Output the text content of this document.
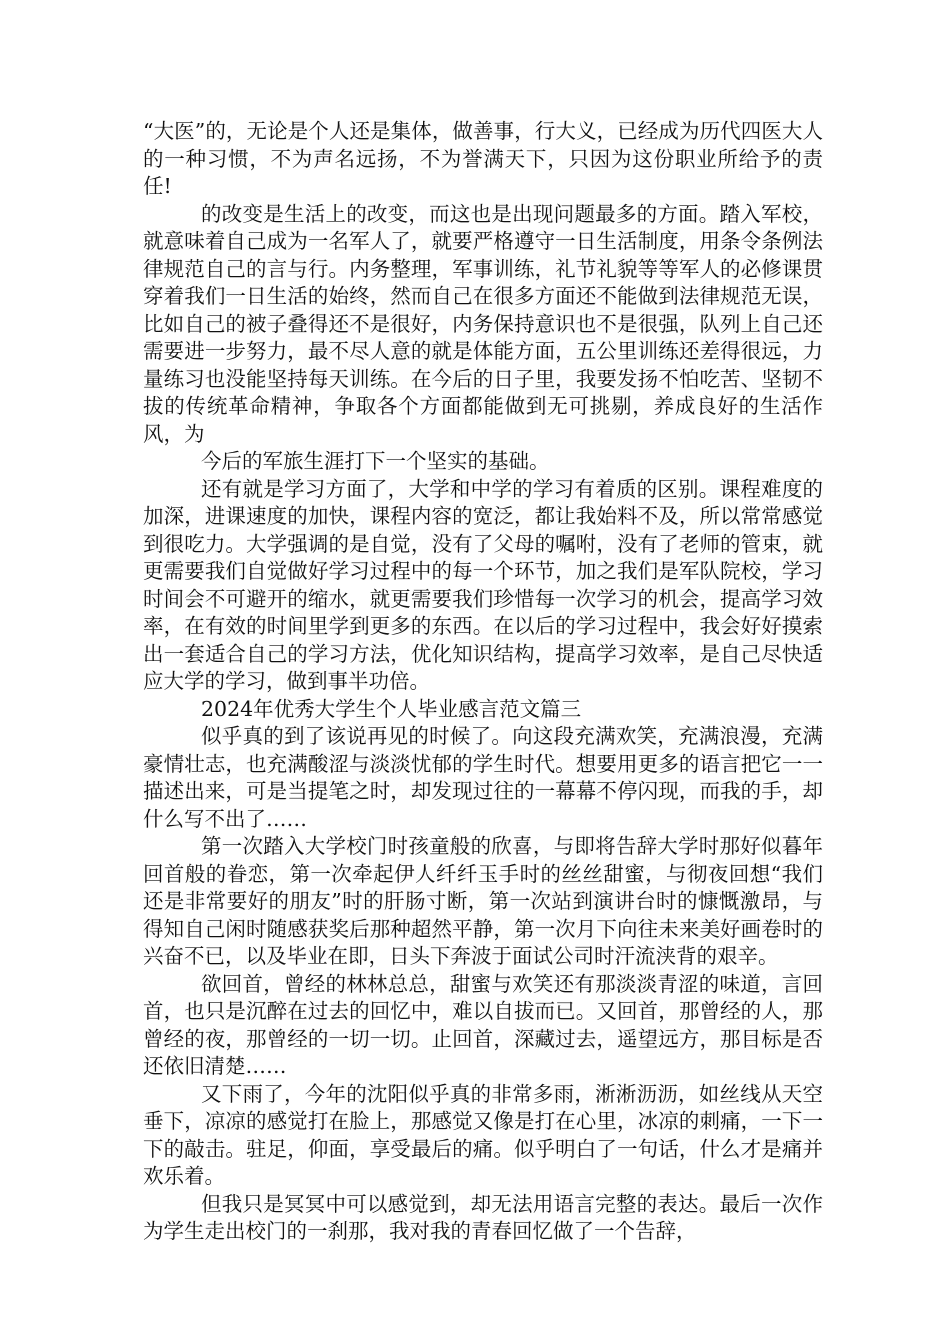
“大医”的，无论是个人还是集体，做善事，行大义，已经成为历代四医大人的一种习惯，不为声名远扬，不为誉满天下，只因为这份职业所给予的责任!

的改变是生活上的改变，而这也是出现问题最多的方面。踏入军校，就意味着自己成为一名军人了，就要严格遵守一日生活制度，用条令条例法律规范自己的言与行。内务整理，军事训练，礼节礼貌等等军人的必修课贯穿着我们一日生活的始终，然而自己在很多方面还不能做到法律规范无误，比如自己的被子叠得还不是很好，内务保持意识也不是很强，队列上自己还需要进一步努力，最不尽人意的就是体能方面，五公里训练还差得很远，力量练习也没能坚持每天训练。在今后的日子里，我要发扬不怕吃苦、坚韧不拔的传统革命精神，争取各个方面都能做到无可挑剔，养成良好的生活作风，为

今后的军旅生涯打下一个坚实的基础。

还有就是学习方面了，大学和中学的学习有着质的区别。课程难度的加深，进课速度的加快，课程内容的宽泛，都让我始料不及，所以常常感觉到很吃力。大学强调的是自觉，没有了父母的嘱咐，没有了老师的管束，就更需要我们自觉做好学习过程中的每一个环节，加之我们是军队院校，学习时间会不可避开的缩水，就更需要我们珍惜每一次学习的机会，提高学习效率，在有效的时间里学到更多的东西。在以后的学习过程中，我会好好摸索出一套适合自己的学习方法，优化知识结构，提高学习效率，是自己尽快适应大学的学习，做到事半功倍。

2024年优秀大学生个人毕业感言范文篇三

似乎真的到了该说再见的时候了。向这段充满欢笑，充满浪漫，充满豪情壮志，也充满酸涩与淡淡忧郁的学生时代。想要用更多的语言把它一一描述出来，可是当提笔之时，却发现过往的一幕幕不停闪现，而我的手，却什么写不出了……

第一次踏入大学校门时孩童般的欣喜，与即将告辞大学时那好似暮年回首般的眷恋，第一次牵起伊人纤纤玉手时的丝丝甜蜜，与彻夜回想“我们还是非常要好的朋友”时的肝肠寸断，第一次站到演讲台时的慷慨激昂，与得知自己闲时随感获奖后那种超然平静，第一次月下向往未来美好画卷时的兴奋不已，以及毕业在即，日头下奔波于面试公司时汗流浃背的艰辛。

欲回首，曾经的林林总总，甜蜜与欢笑还有那淡淡青涩的味道，言回首，也只是沉醉在过去的回忆中，难以自拔而已。又回首，那曾经的人，那曾经的夜，那曾经的一切一切。止回首，深藏过去，遥望远方，那目标是否还依旧清楚……

又下雨了，今年的沈阳似乎真的非常多雨，淅淅沥沥，如丝线从天空垂下，凉凉的感觉打在脸上，那感觉又像是打在心里，冰凉的刺痛，一下一下的敲击。驻足，仰面，享受最后的痛。似乎明白了一句话，什么才是痛并欢乐着。

但我只是冥冥中可以感觉到，却无法用语言完整的表达。最后一次作为学生走出校门的一刹那，我对我的青春回忆做了一个告辞，
